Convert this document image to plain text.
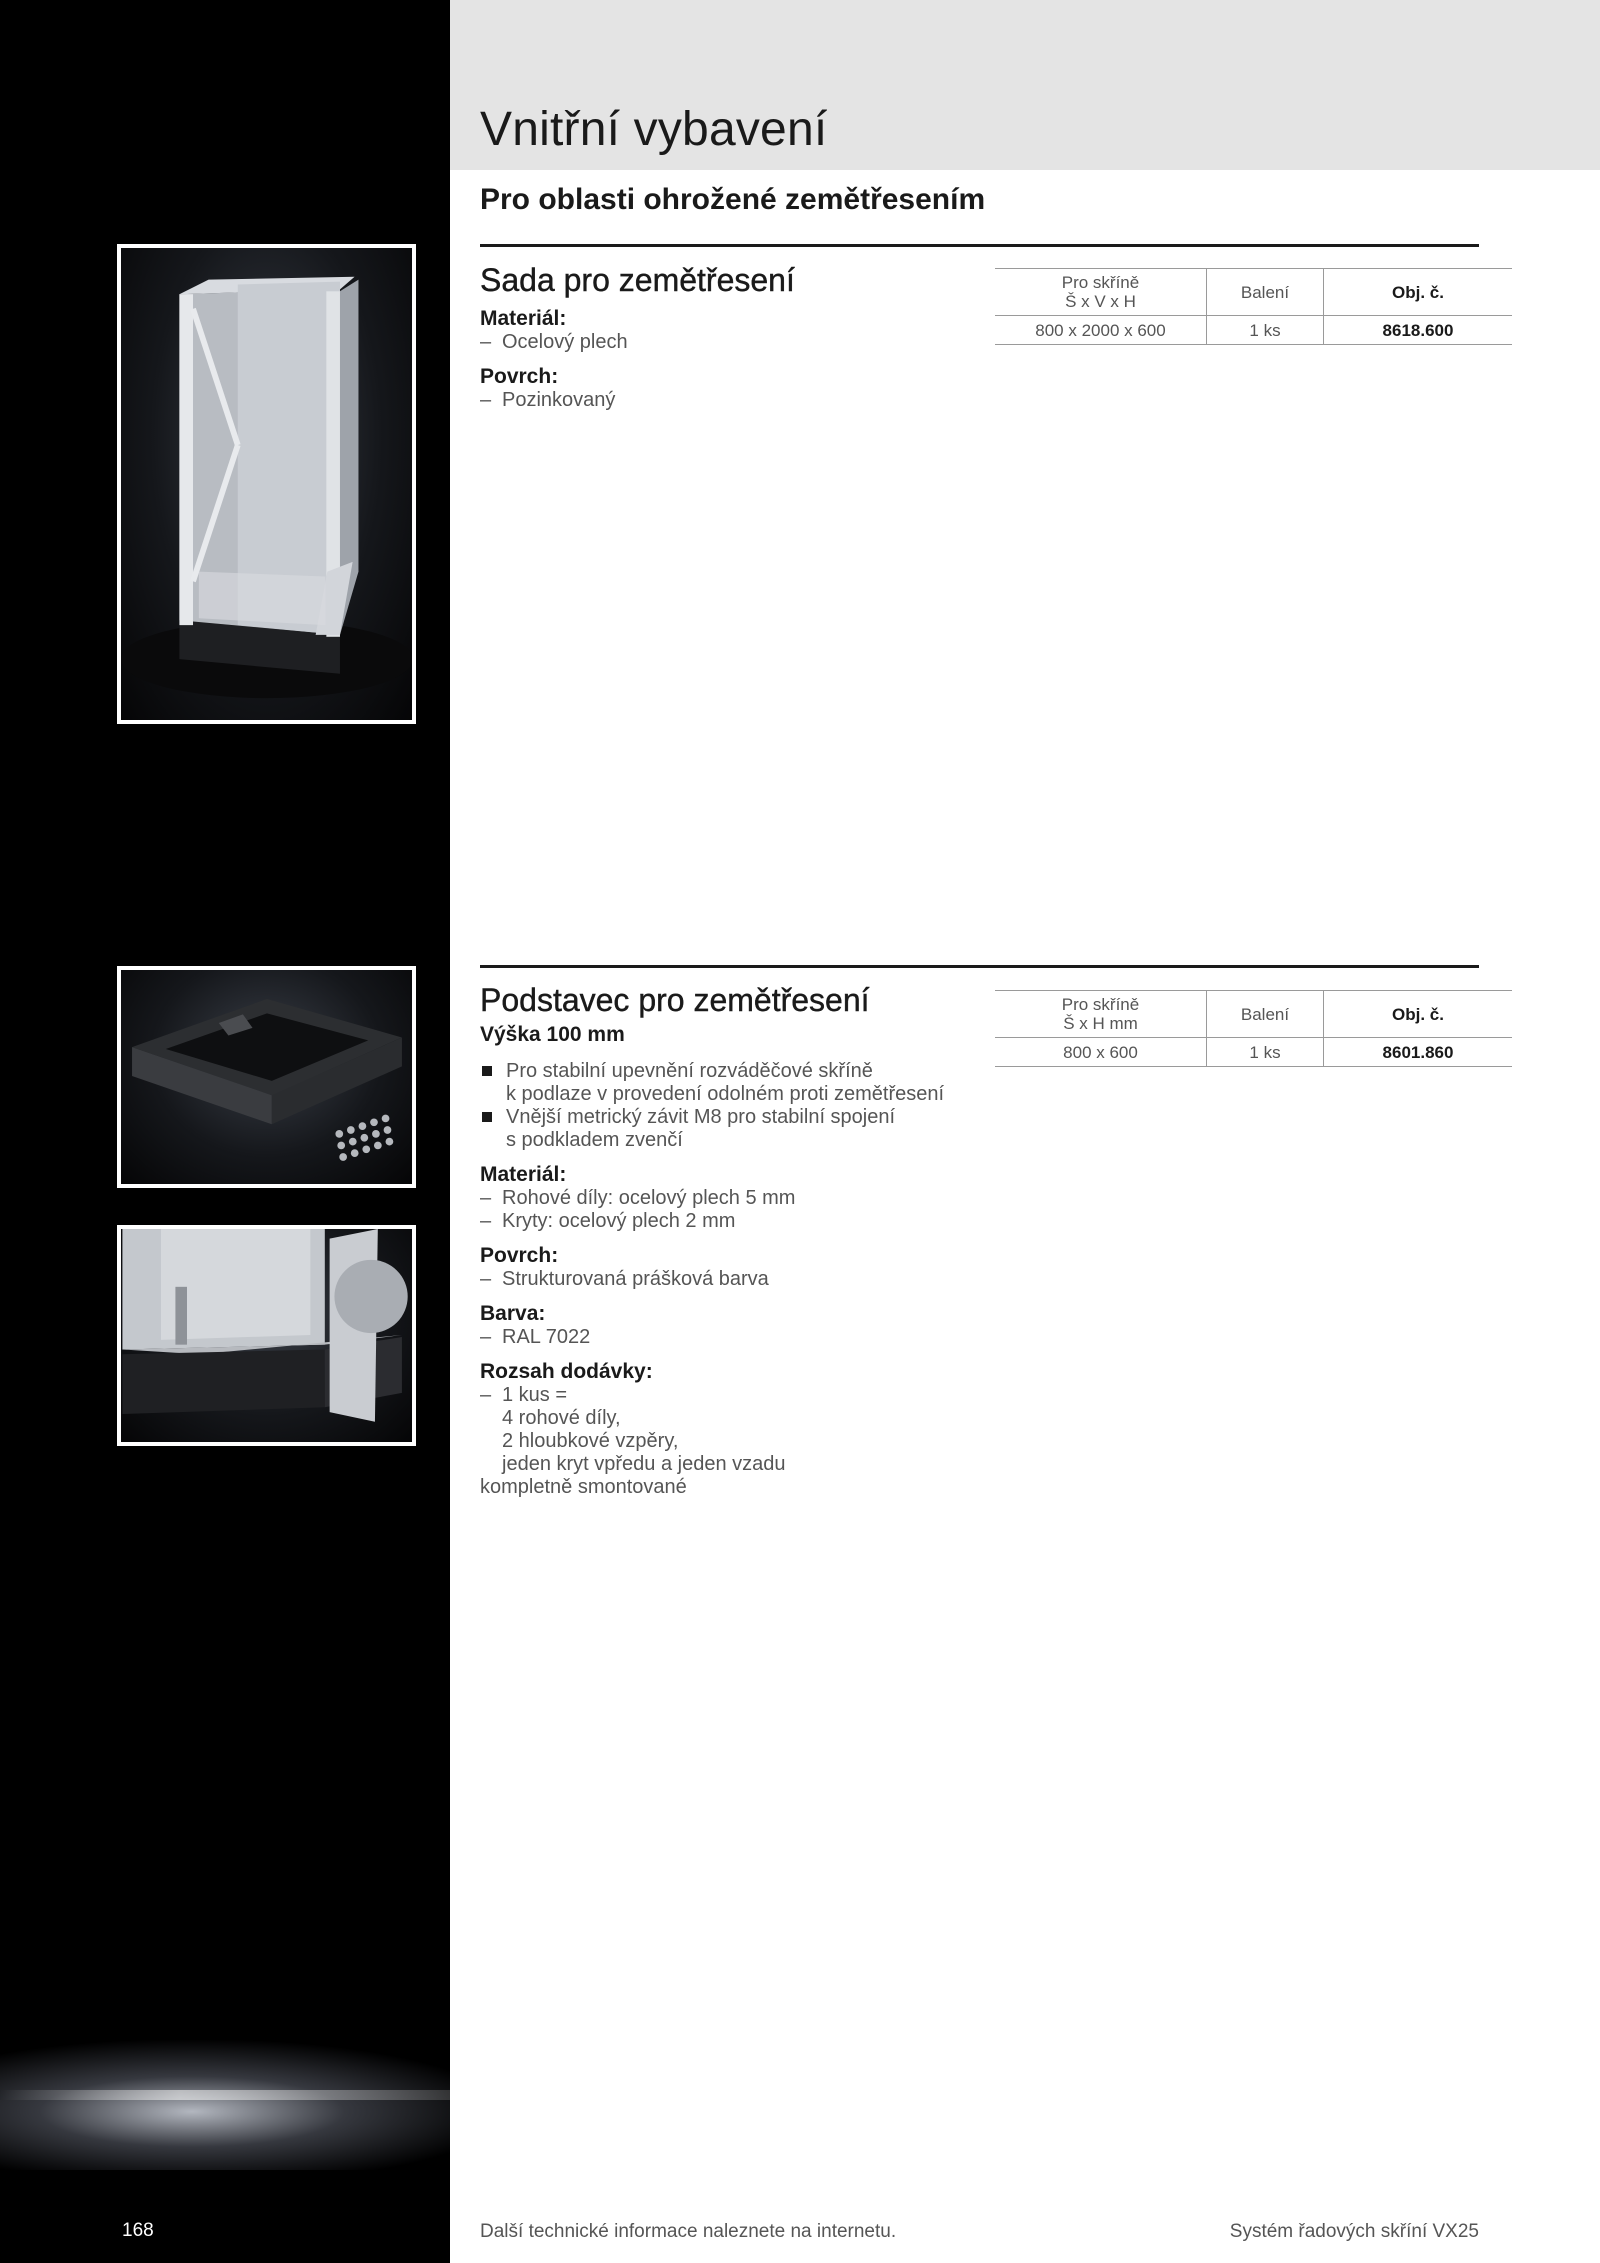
Vnitřní vybavení
Pro oblasti ohrožené zemětřesením
Sada pro zemětřesení
Materiál:
– Ocelový plech
Povrch:
– Pozinkovaný
Pro skříně
Š x V x H	Balení	Obj. č.
800 x 2000 x 600	1 ks	8618.600
Podstavec pro zemětřesení
Výška 100 mm
Pro stabilní upevnění rozváděčové skříně
k podlaze v provedení odolném proti zemětřesení
Vnější metrický závit M8 pro stabilní spojení
s podkladem zvenčí
Materiál:
– Rohové díly: ocelový plech 5 mm
– Kryty: ocelový plech 2 mm
Povrch:
– Strukturovaná prášková barva
Barva:
– RAL 7022
Rozsah dodávky:
– 1 kus =
4 rohové díly,
2 hloubkové vzpěry,
jeden kryt vpředu a jeden vzadu
kompletně smontované
Pro skříně
Š x H mm	Balení	Obj. č.
800 x 600	1 ks	8601.860
168	Další technické informace naleznete na internetu.	Systém řadových skříní VX25
